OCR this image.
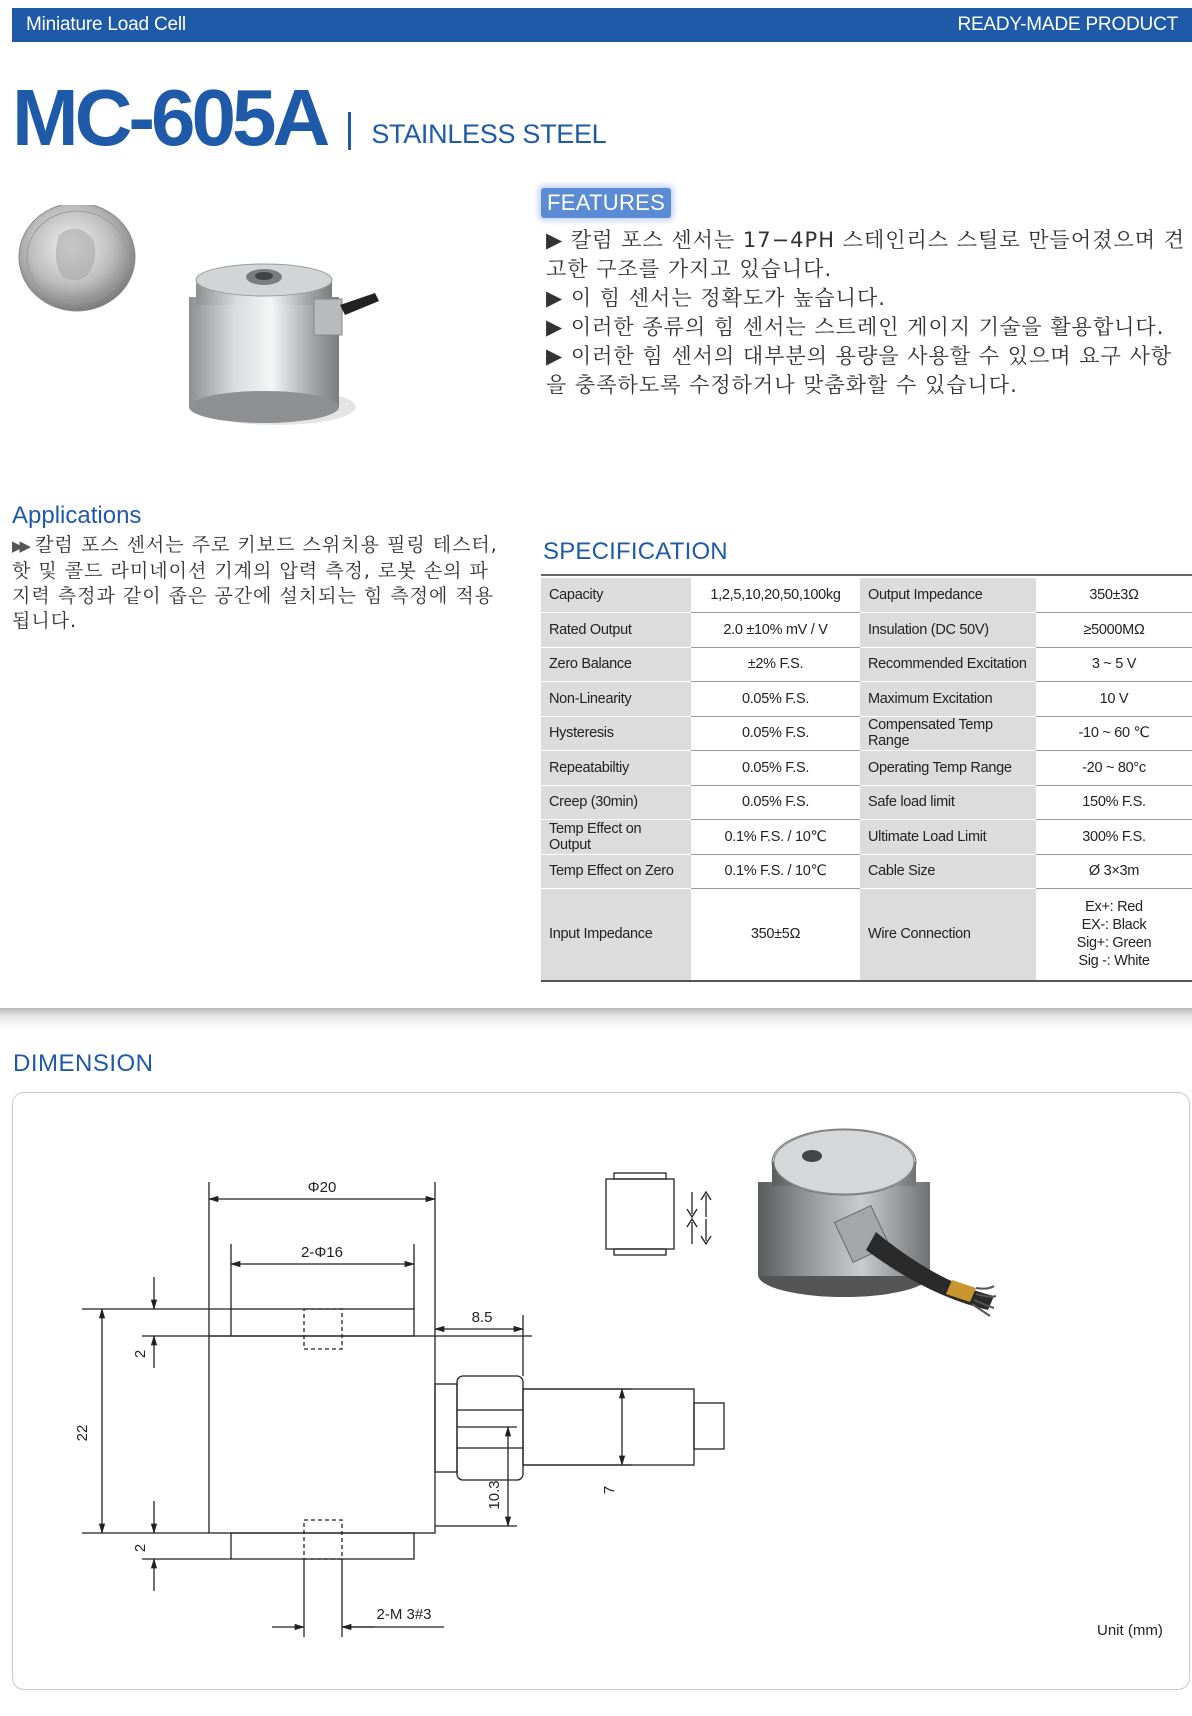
Miniature Load Cell	READY-MADE PRODUCT
MC-605A STAINLESS STEEL
FEATURES

▶ 칼럼 포스 센서는 17−4PH 스테인리스 스틸로 만들어졌으며 견고한 구조를 가지고 있습니다.

▶ 이 힘 센서는 정확도가 높습니다.

▶ 이러한 종류의 힘 센서는 스트레인 게이지 기술을 활용합니다.

▶ 이러한 힘 센서의 대부분의 용량을 사용할 수 있으며 요구 사항을 충족하도록 수정하거나 맞춤화할 수 있습니다.

Applications
▶▶ 칼럼 포스 센서는 주로 키보드 스위치용 필링 테스터, 핫 및 콜드 라미네이션 기계의 압력 측정, 로봇 손의 파지력 측정과 같이 좁은 공간에 설치되는 힘 측정에 적용됩니다.
SPECIFICATION
Capacity	1,2,5,10,20,50,100kg	Output Impedance	350±3Ω
Rated Output	2.0 ±10% mV / V	Insulation (DC 50V)	≥5000MΩ
Zero Balance	±2% F.S.	Recommended Excitation	3 ~ 5 V
Non-Linearity	0.05% F.S.	Maximum Excitation	10 V
Hysteresis	0.05% F.S.	Compensated Temp Range	-10 ~ 60 ℃
Repeatabiltiy	0.05% F.S.	Operating Temp Range	-20 ~ 80°c
Creep (30min)	0.05% F.S.	Safe load limit	150% F.S.
Temp Effect on Output	0.1% F.S. / 10℃	Ultimate Load Limit	300% F.S.
Temp Effect on Zero	0.1% F.S. / 10℃	Cable Size	Ø 3×3m
Input Impedance	350±5Ω	Wire Connection	Ex+: Red
EX-: Black
Sig+: Green
Sig -: White
DIMENSION
Φ20
2-Φ16
8.5
22
2
2
10.3	7
2-M 3#3
Unit (mm)
